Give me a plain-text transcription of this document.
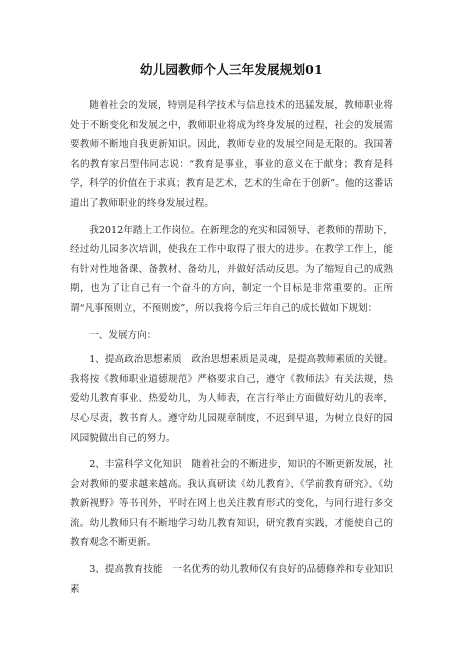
幼儿园教师个人三年发展规划01

随着社会的发展，特别是科学技术与信息技术的迅猛发展，教师职业将处于不断变化和发展之中，教师职业将成为终身发展的过程，社会的发展需要教师不断地自我更新知识。因此，教师专业的发展空间是无限的。我国著名的教育家吕型伟同志说：“教育是事业，事业的意义在于献身；教育是科学，科学的价值在于求真；教育是艺术，艺术的生命在于创新”。他的这番话道出了教师职业的终身发展过程。

我2012年踏上工作岗位。在新理念的充实和园领导、老教师的帮助下，经过幼儿园多次培训，使我在工作中取得了很大的进步。在教学工作上，能有针对性地备课、备教材、备幼儿，并做好活动反思。为了缩短自己的成熟期，也为了让自己有一个奋斗的方向，制定一个目标是非常重要的。正所谓“凡事预则立，不预则废”，所以我将今后三年自己的成长做如下规划：

一、发展方向：

1、提高政治思想素质　政治思想素质是灵魂，是提高教师素质的关键。我将按《教师职业道德规范》严格要求自己，遵守《教师法》有关法规，热爱幼儿教育事业、热爱幼儿，为人师表，在言行举止方面做好幼儿的表率，尽心尽责，教书育人。遵守幼儿园规章制度，不迟到早退，为树立良好的园风园貌做出自己的努力。

2、丰富科学文化知识　随着社会的不断进步，知识的不断更新发展，社会对教师的要求越来越高。我认真研读《幼儿教育》、《学前教育研究》、《幼教新视野》等书刊外，平时在网上也关注教育形式的变化，与同行进行多交流。幼儿教师只有不断地学习幼儿教育知识，研究教育实践，才能使自己的教育观念不断更新。

3、提高教育技能　一名优秀的幼儿教师仅有良好的品德修养和专业知识素
